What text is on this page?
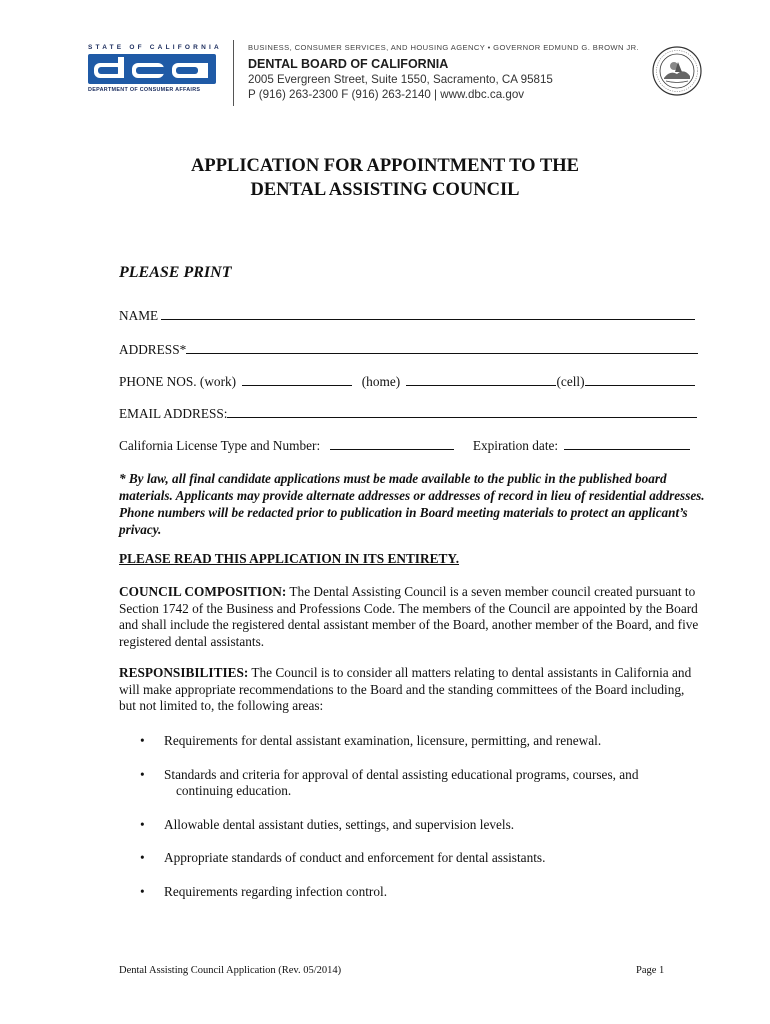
STATE OF CALIFORNIA
DEPARTMENT OF CONSUMER AFFAIRS
BUSINESS, CONSUMER SERVICES, AND HOUSING AGENCY • GOVERNOR EDMUND G. BROWN JR.
DENTAL BOARD OF CALIFORNIA
2005 Evergreen Street, Suite 1550, Sacramento, CA 95815
P (916) 263-2300 F (916) 263-2140 | www.dbc.ca.gov
APPLICATION FOR APPOINTMENT TO THE
DENTAL ASSISTING COUNCIL
PLEASE PRINT
NAME
ADDRESS*
PHONE NOS. (work)	(home)	(cell)
EMAIL ADDRESS:
California License Type and Number:	Expiration date:
* By law, all final candidate applications must be made available to the public in the published board materials. Applicants may provide alternate addresses or addresses of record in lieu of residential addresses. Phone numbers will be redacted prior to publication in Board meeting materials to protect an applicant’s privacy.
PLEASE READ THIS APPLICATION IN ITS ENTIRETY.
COUNCIL COMPOSITION: The Dental Assisting Council is a seven member council created pursuant to Section 1742 of the Business and Professions Code. The members of the Council are appointed by the Board and shall include the registered dental assistant member of the Board, another member of the Board, and five registered dental assistants.
RESPONSIBILITIES: The Council is to consider all matters relating to dental assistants in California and will make appropriate recommendations to the Board and the standing committees of the Board including, but not limited to, the following areas:
• Requirements for dental assistant examination, licensure, permitting, and renewal.
• Standards and criteria for approval of dental assisting educational programs, courses, and
continuing education.
• Allowable dental assistant duties, settings, and supervision levels.
• Appropriate standards of conduct and enforcement for dental assistants.
• Requirements regarding infection control.
Dental Assisting Council Application (Rev. 05/2014)	Page 1
